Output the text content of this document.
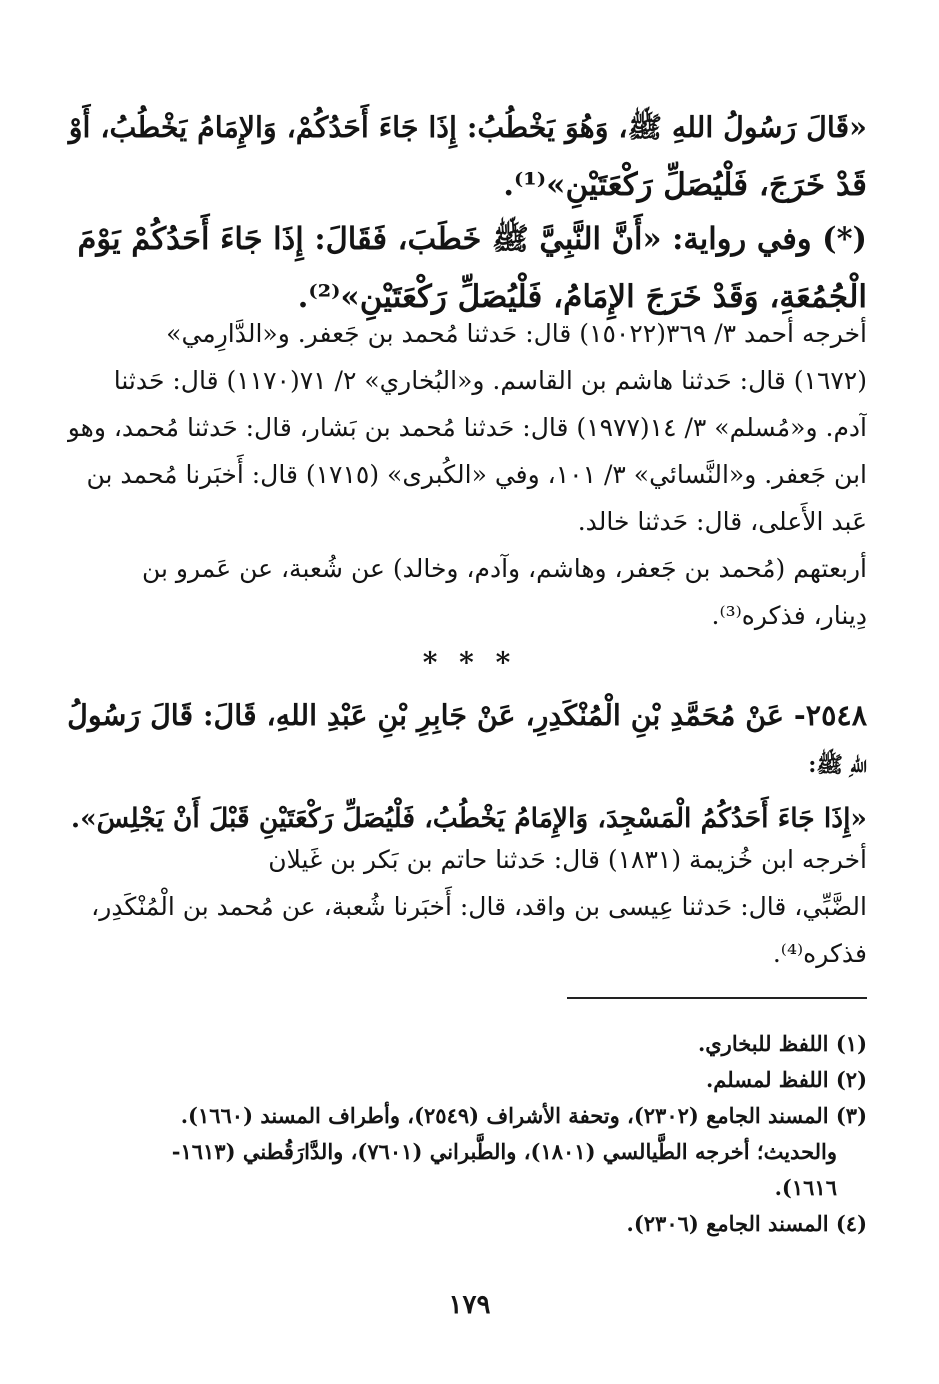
«قَالَ رَسُولُ اللهِ ﷺ، وَهُوَ يَخْطُبُ: إِذَا جَاءَ أَحَدُكُمْ، وَالإِمَامُ يَخْطُبُ، أَوْ
قَدْ خَرَجَ، فَلْيُصَلِّ رَكْعَتَيْنِ»⁽¹⁾.
(*) وفي رواية: «أَنَّ النَّبِيَّ ﷺ خَطَبَ، فَقَالَ: إِذَا جَاءَ أَحَدُكُمْ يَوْمَ
الْجُمُعَةِ، وَقَدْ خَرَجَ الإِمَامُ، فَلْيُصَلِّ رَكْعَتَيْنِ»⁽²⁾.
أخرجه أحمد ٣/ ٣٦٩(١٥٠٢٢) قال: حَدثنا مُحمد بن جَعفر. و«الدَّارِمي»
(١٦٧٢) قال: حَدثنا هاشم بن القاسم. و«البُخاري» ٢/ ٧١(١١٧٠) قال: حَدثنا
آدم. و«مُسلم» ٣/ ١٤(١٩٧٧) قال: حَدثنا مُحمد بن بَشار، قال: حَدثنا مُحمد، وهو
ابن جَعفر. و«النَّسائي» ٣/ ١٠١، وفي «الكُبرى» (١٧١٥) قال: أَخبَرنا مُحمد بن
عَبد الأَعلى، قال: حَدثنا خالد.
أربعتهم (مُحمد بن جَعفر، وهاشم، وآدم، وخالد) عن شُعبة، عن عَمرو بن
دِينار، فذكره⁽³⁾.
* * *
٢٥٤٨- عَنْ مُحَمَّدِ بْنِ الْمُنْكَدِرِ، عَنْ جَابِرِ بْنِ عَبْدِ اللهِ، قَالَ: قَالَ رَسُولُ
اللهِ ﷺ:
«إِذَا جَاءَ أَحَدُكُمُ الْمَسْجِدَ، وَالإِمَامُ يَخْطُبُ، فَلْيُصَلِّ رَكْعَتَيْنِ قَبْلَ أَنْ يَجْلِسَ».
أخرجه ابن خُزيمة (١٨٣١) قال: حَدثنا حاتم بن بَكر بن غَيلان
الضَّبِّي، قال: حَدثنا عِيسى بن واقد، قال: أَخبَرنا شُعبة، عن مُحمد بن الْمُنْكَدِر،
فذكره⁽⁴⁾.
(١) اللفظ للبخاري.
(٢) اللفظ لمسلم.
(٣) المسند الجامع (٢٣٠٢)، وتحفة الأشراف (٢٥٤٩)، وأطراف المسند (١٦٦٠).
والحديث؛ أخرجه الطَّيالسي (١٨٠١)، والطَّبراني (٧٦٠١)، والدَّارَقُطني (١٦١٣-
١٦١٦).
(٤) المسند الجامع (٢٣٠٦).
١٧٩
